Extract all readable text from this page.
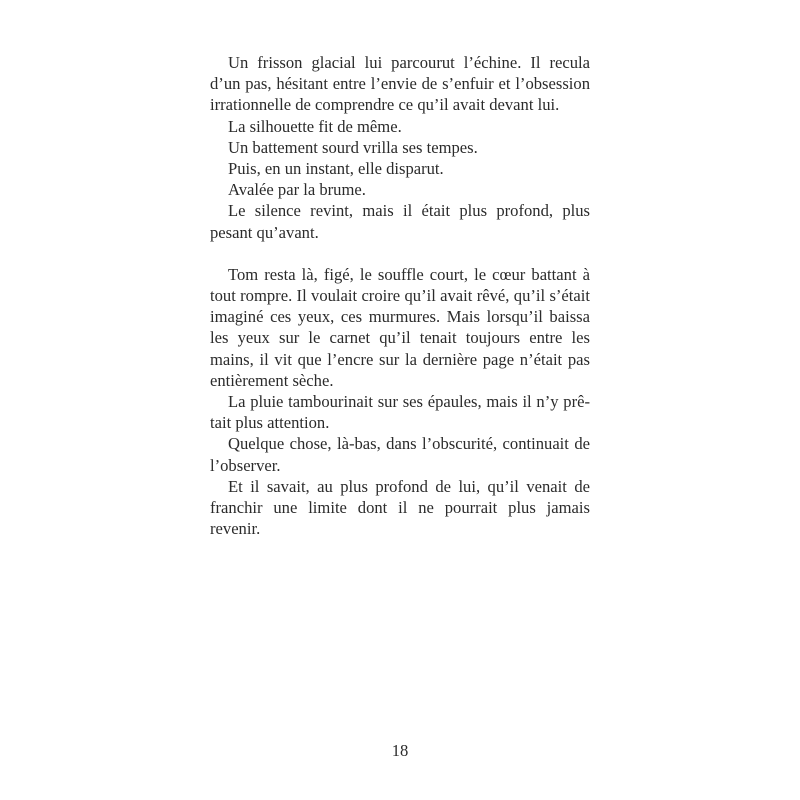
Un frisson glacial lui parcourut l’échine. Il recula d’un pas, hésitant entre l’envie de s’enfuir et l’obsession irrationnelle de comprendre ce qu’il avait devant lui.

La silhouette fit de même.

Un battement sourd vrilla ses tempes.

Puis, en un instant, elle disparut.

Avalée par la brume.

Le silence revint, mais il était plus profond, plus pesant qu’avant.

Tom resta là, figé, le souffle court, le cœur battant à tout rompre. Il voulait croire qu’il avait rêvé, qu’il s’était imaginé ces yeux, ces murmures. Mais lorsqu’il baissa les yeux sur le carnet qu’il tenait toujours entre les mains, il vit que l’encre sur la dernière page n’était pas entièrement sèche.

La pluie tambourinait sur ses épaules, mais il n’y prêtait plus attention.

Quelque chose, là-bas, dans l’obscurité, continuait de l’observer.

Et il savait, au plus profond de lui, qu’il venait de franchir une limite dont il ne pourrait plus jamais revenir.

18
